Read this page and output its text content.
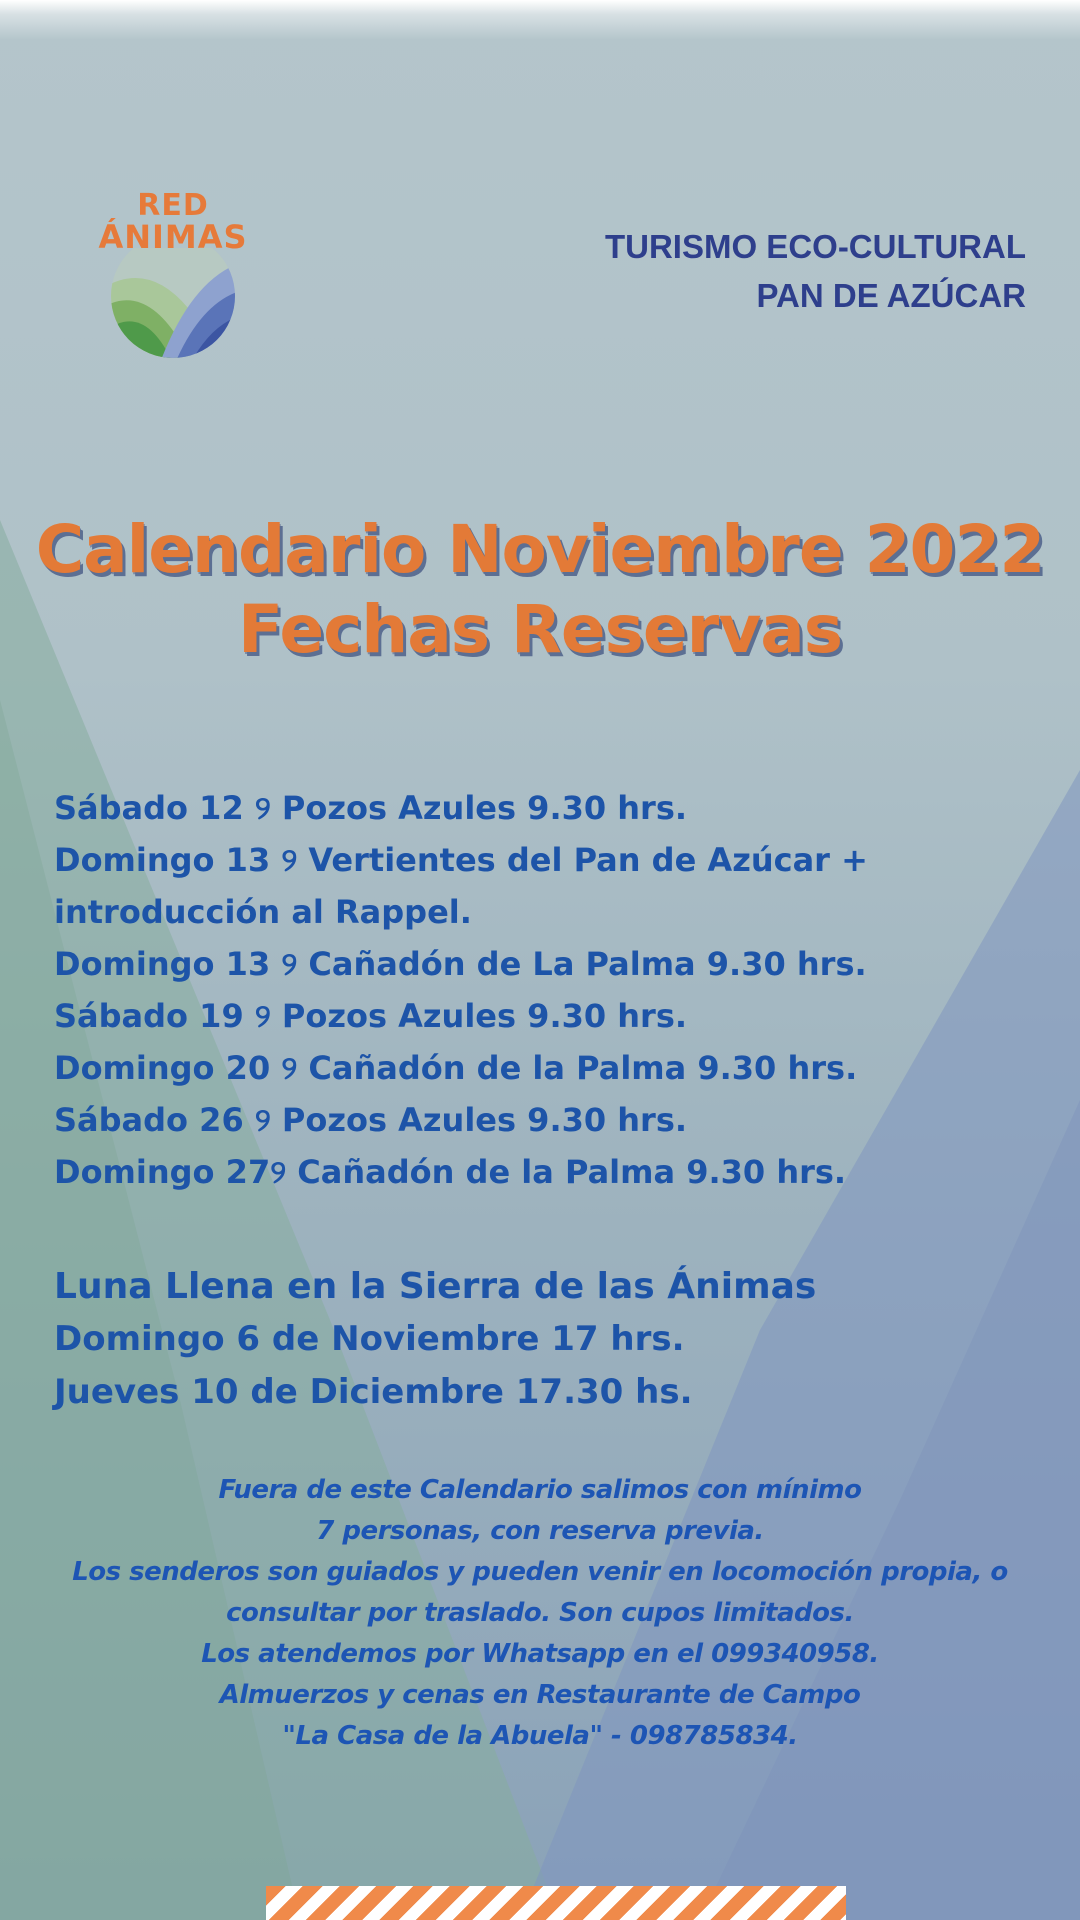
RED
ÁNIMAS	TURISMO ECO-CULTURAL
PAN DE AZÚCAR
Calendario Noviembre 2022
Fechas Reservas
Sábado 12 ୨ Pozos Azules 9.30 hrs.
Domingo 13 ୨ Vertientes del Pan de Azúcar +
introducción al Rappel.
Domingo 13 ୨ Cañadón de La Palma 9.30 hrs.
Sábado 19 ୨ Pozos Azules 9.30 hrs.
Domingo 20 ୨ Cañadón de la Palma 9.30 hrs.
Sábado 26 ୨ Pozos Azules 9.30 hrs.
Domingo 27୨ Cañadón de la Palma 9.30 hrs.
Luna Llena en la Sierra de las Ánimas
Domingo 6 de Noviembre 17 hrs.
Jueves 10 de Diciembre 17.30 hs.
Fuera de este Calendario salimos con mínimo
7 personas, con reserva previa.
Los senderos son guiados y pueden venir en locomoción propia, o
consultar por traslado. Son cupos limitados.
Los atendemos por Whatsapp en el 099340958.
Almuerzos y cenas en Restaurante de Campo
"La Casa de la Abuela" - 098785834.
